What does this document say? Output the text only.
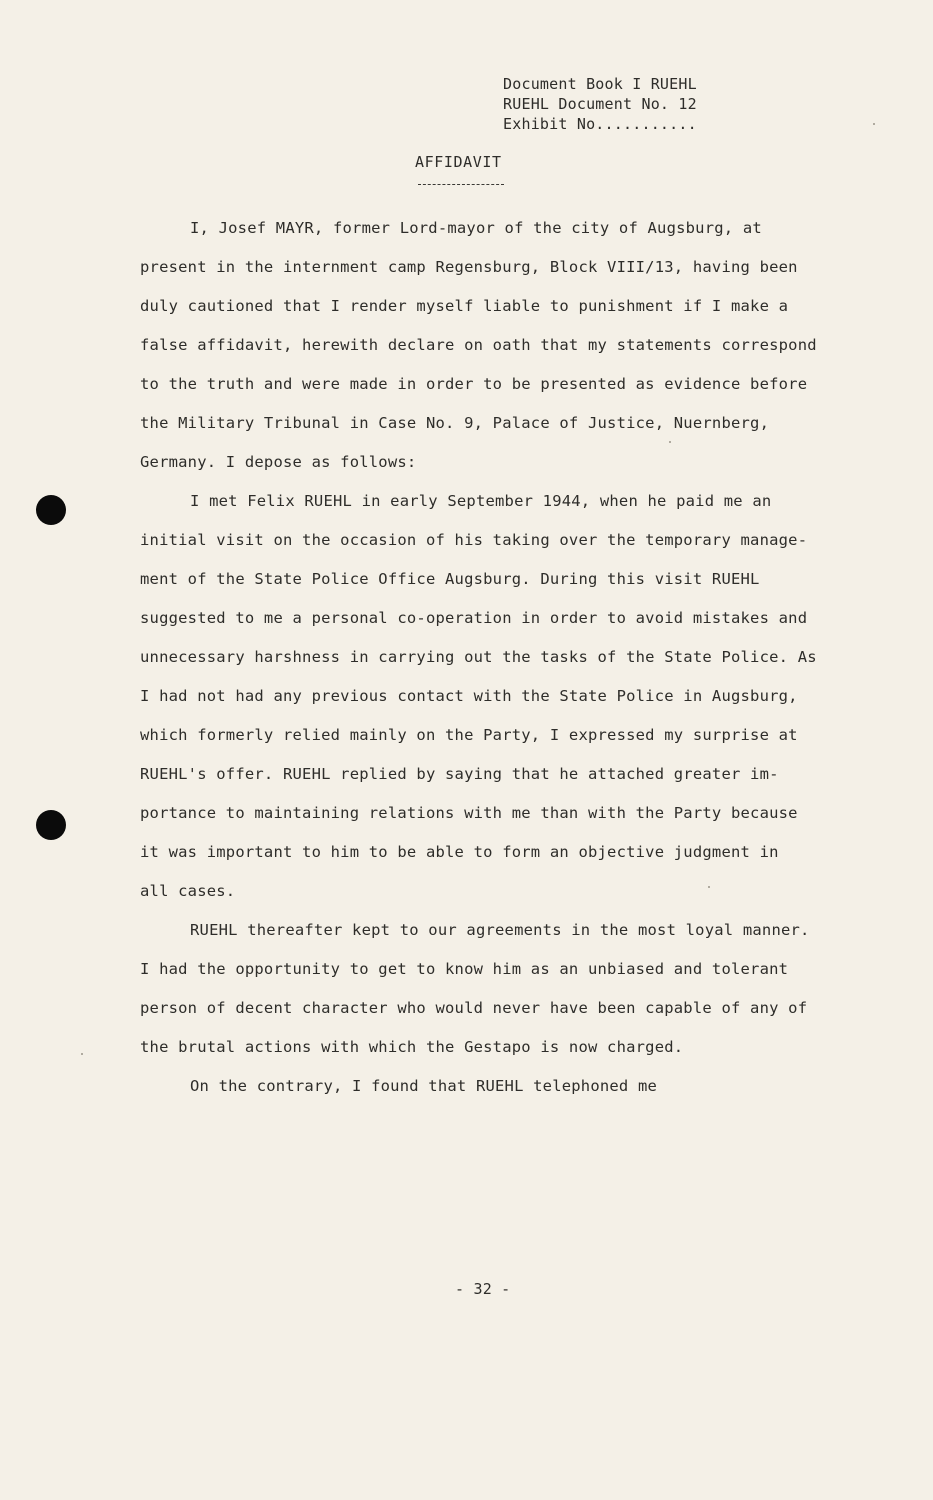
Document Book I RUEHL
RUEHL Document No. 12
Exhibit No...........
AFFIDAVIT
I, Josef MAYR, former Lord-mayor of the city of Augsburg, at
present in the internment camp Regensburg, Block VIII/13, having been
duly cautioned that I render myself liable to punishment if I make a
false affidavit, herewith declare on oath that my statements correspond
to the truth and were made in order to be presented as evidence before
the Military Tribunal in Case No. 9, Palace of Justice, Nuernberg,
Germany. I depose as follows:
I met Felix RUEHL in early September 1944, when he paid me an
initial visit on the occasion of his taking over the temporary manage-
ment of the State Police Office Augsburg. During this visit RUEHL
suggested to me a personal co-operation in order to avoid mistakes and
unnecessary harshness in carrying out the tasks of the State Police. As
I had not had any previous contact with the State Police in Augsburg,
which formerly relied mainly on the Party, I expressed my surprise at
RUEHL's offer. RUEHL replied by saying that he attached greater im-
portance to maintaining relations with me than with the Party because
it was important to him to be able to form an objective judgment in
all cases.
RUEHL thereafter kept to our agreements in the most loyal manner.
I had the opportunity to get to know him as an unbiased and tolerant
person of decent character who would never have been capable of any of
the brutal actions with which the Gestapo is now charged.
On the contrary, I found that RUEHL telephoned me
- 32 -
